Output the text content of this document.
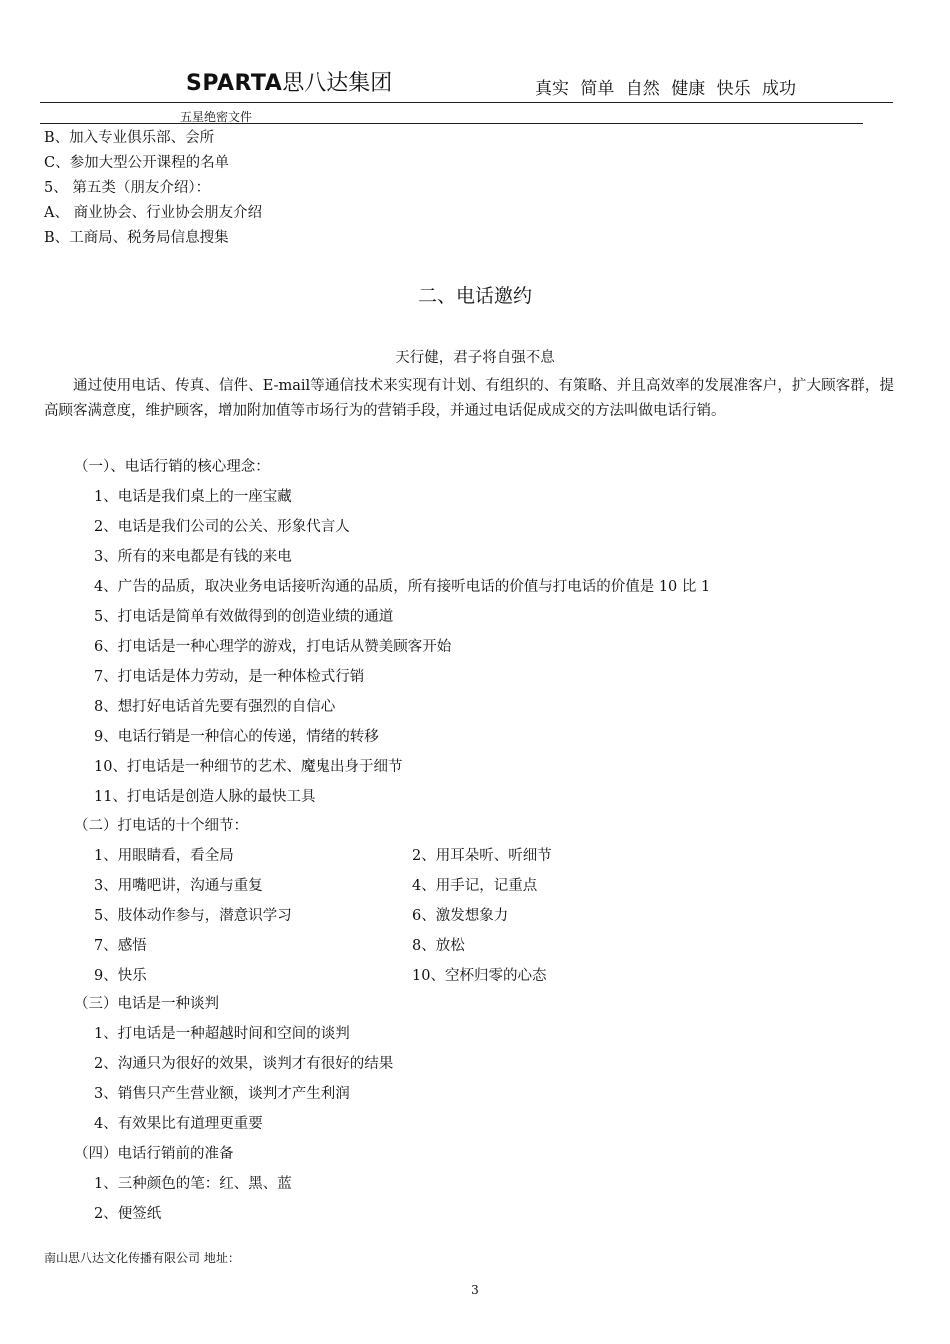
SPARTA思八达集团	真实 简单 自然 健康 快乐 成功
五星绝密文件
B、加入专业俱乐部、会所
C、参加大型公开课程的名单
5、 第五类（朋友介绍）：
A、 商业协会、行业协会朋友介绍
B、工商局、税务局信息搜集
二、电话邀约
天行健，君子将自强不息
通过使用电话、传真、信件、E-mail等通信技术来实现有计划、有组织的、有策略、并且高效率的发展准客户，扩大顾客群，提高顾客满意度，维护顾客，增加附加值等市场行为的营销手段，并通过电话促成成交的方法叫做电话行销。
（一）、电话行销的核心理念：
1、电话是我们桌上的一座宝藏
2、电话是我们公司的公关、形象代言人
3、所有的来电都是有钱的来电
4、广告的品质，取决业务电话接听沟通的品质，所有接听电话的价值与打电话的价值是 10 比 1
5、打电话是简单有效做得到的创造业绩的通道
6、打电话是一种心理学的游戏，打电话从赞美顾客开始
7、打电话是体力劳动，是一种体检式行销
8、想打好电话首先要有强烈的自信心
9、电话行销是一种信心的传递，情绪的转移
10、打电话是一种细节的艺术、魔鬼出身于细节
11、打电话是创造人脉的最快工具
（二）打电话的十个细节：
1、用眼睛看，看全局	2、用耳朵听、听细节
3、用嘴吧讲，沟通与重复	4、用手记，记重点
5、肢体动作参与，潜意识学习	6、激发想象力
7、感悟	8、放松
9、快乐	10、空杯归零的心态
（三）电话是一种谈判
1、打电话是一种超越时间和空间的谈判
2、沟通只为很好的效果，谈判才有很好的结果
3、销售只产生营业额，谈判才产生利润
4、有效果比有道理更重要
（四）电话行销前的准备
1、三种颜色的笔：红、黑、蓝
2、便签纸
南山思八达文化传播有限公司 地址：
3
